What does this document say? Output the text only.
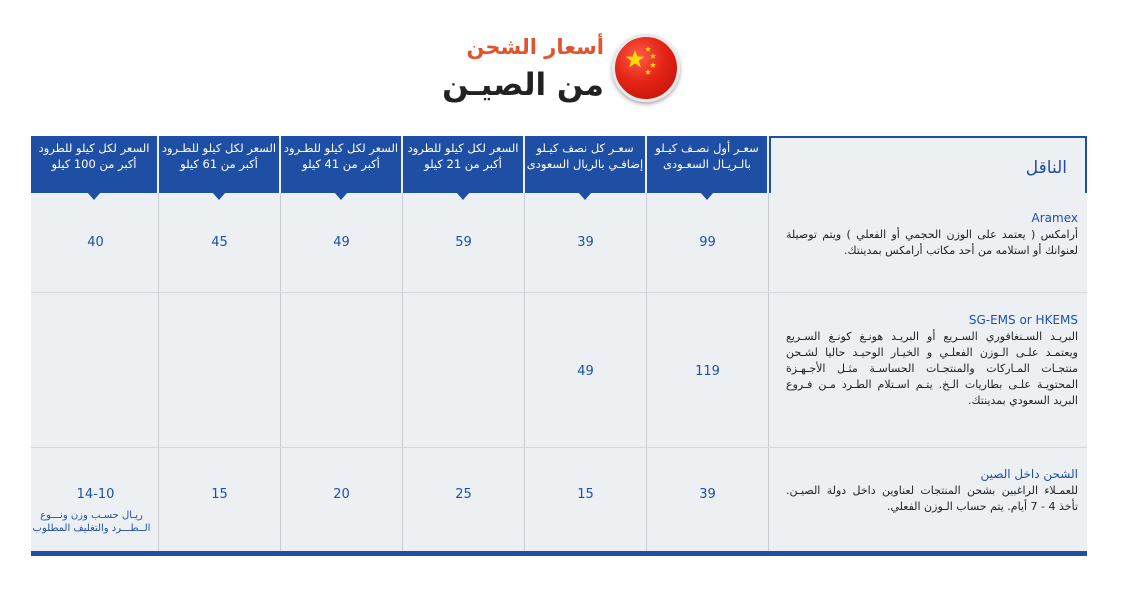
أسعار الشحن
من الصيـن
الناقل
سعـر أول نصـف كيـلو بالـريـال السعـودى
سعـر كل نصف كيـلو إضافـي بالريال السعودى
السعر لكل كيلو للطرود أكبر من 21 كيلو
السعر لكل كيلو للطـرود أكبر من 41 كيلو
السعر لكل كيلو للطـرود أكبر من 61 كيلو
السعر لكل كيلو للطرود أكبر من 100 كيلو
Aramex
أرامكس ( يعتمد على الوزن الحجمي أو الفعلي ) ويتم توصيلة لعنوانك أو استلامه من أحد مكاتب أرامكس بمدينتك.
99
39
59
49
45
40
SG-EMS or HKEMS
البريـد السـنغافوري السـريع أو البريـد هونـغ كونـغ السـريع ويعتمـد علـى الـوزن الفعلـي و الخيـار الوحيـد حاليا لشـحن منتجـات المـاركات والمنتجـات الحساسـة مثـل الأجـهـزة المحتويـة علـى بطاريات الـخ. يتـم اسـتلام الطـرد مـن فـروع البريد السعودي بمدينتك.
119
49
الشحن داخل الصين
للعمـلاء الراغبين بشحن المنتجات لعناوين داخل دولة الصيـن. تأخذ 4 - 7 أيام. يتم حساب الـوزن الفعلي.
39
15
25
20
15
14-10
ريـال حسـب وزن ونـــوع الــطـــرد والتغليف المطلوب
